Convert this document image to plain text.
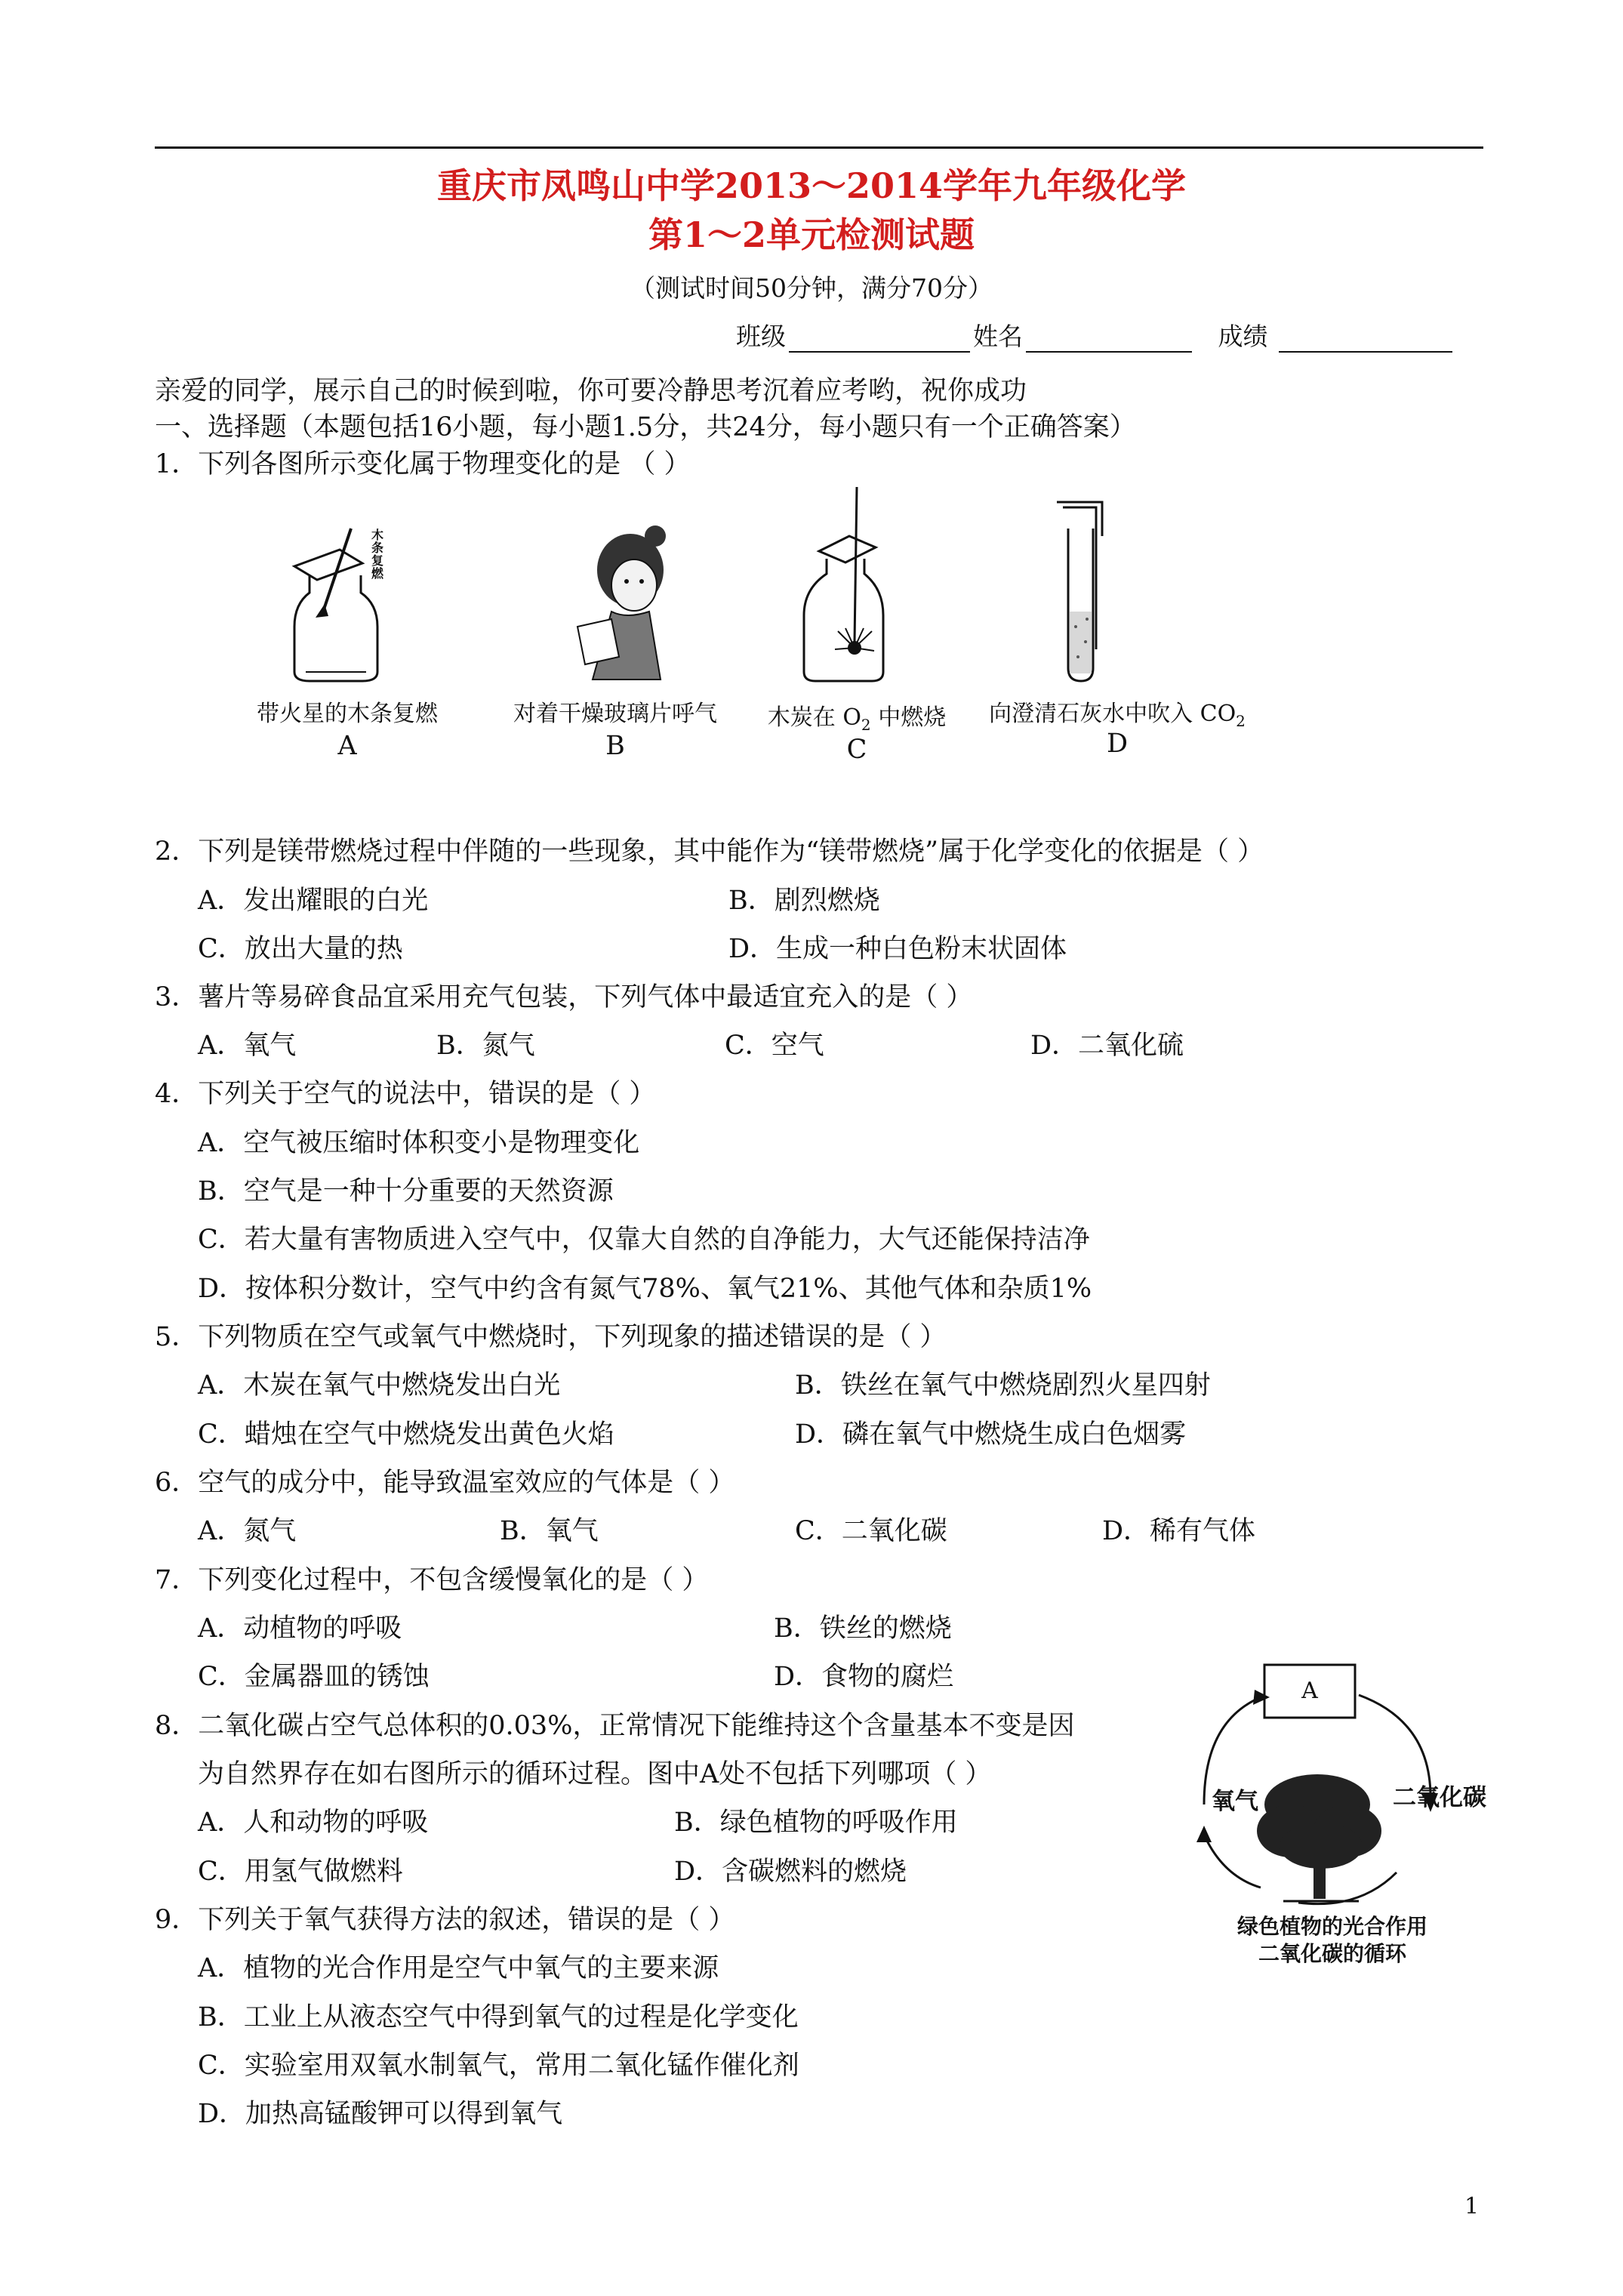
重庆市凤鸣山中学2013～2014学年九年级化学
第1～2单元检测试题
（测试时间50分钟，满分70分）
班级	姓名	成绩
亲爱的同学，展示自己的时候到啦，你可要冷静思考沉着应考哟，祝你成功
一、选择题（本题包括16小题，每小题1.5分，共24分，每小题只有一个正确答案）
1．下列各图所示变化属于物理变化的是 （ ）
木条复燃
带火星的木条复燃
A
对着干燥玻璃片呼气
B
木炭在 $O_2$ 中燃烧
C
向澄清石灰水中吹入 $CO_2$
D
2．下列是镁带燃烧过程中伴随的一些现象，其中能作为“镁带燃烧”属于化学变化的依据是（ ）
A．发出耀眼的白光	B．剧烈燃烧
C．放出大量的热	D．生成一种白色粉末状固体
3．薯片等易碎食品宜采用充气包装，下列气体中最适宜充入的是（ ）
A．氧气	B．氮气	C．空气	D．二氧化硫
4．下列关于空气的说法中，错误的是（ ）
A．空气被压缩时体积变小是物理变化
B．空气是一种十分重要的天然资源
C．若大量有害物质进入空气中，仅靠大自然的自净能力，大气还能保持洁净
D．按体积分数计，空气中约含有氮气78%、氧气21%、其他气体和杂质1%
5．下列物质在空气或氧气中燃烧时，下列现象的描述错误的是（ ）
A．木炭在氧气中燃烧发出白光	B．铁丝在氧气中燃烧剧烈火星四射
C．蜡烛在空气中燃烧发出黄色火焰	D．磷在氧气中燃烧生成白色烟雾
6．空气的成分中，能导致温室效应的气体是（ ）
A．氮气	B．氧气	C．二氧化碳	D．稀有气体
7．下列变化过程中，不包含缓慢氧化的是（ ）
A．动植物的呼吸	B．铁丝的燃烧
C．金属器皿的锈蚀	D．食物的腐烂
8．二氧化碳占空气总体积的0.03%，正常情况下能维持这个含量基本不变是因
为自然界存在如右图所示的循环过程。图中A处不包括下列哪项（ ）
A．人和动物的呼吸	B．绿色植物的呼吸作用
C．用氢气做燃料	D．含碳燃料的燃烧
氧气	二氧化碳
A
绿色植物的光合作用
二氧化碳的循环
9．下列关于氧气获得方法的叙述，错误的是（ ）
A．植物的光合作用是空气中氧气的主要来源
B．工业上从液态空气中得到氧气的过程是化学变化
C．实验室用双氧水制氧气，常用二氧化锰作催化剂
D．加热高锰酸钾可以得到氧气
1
